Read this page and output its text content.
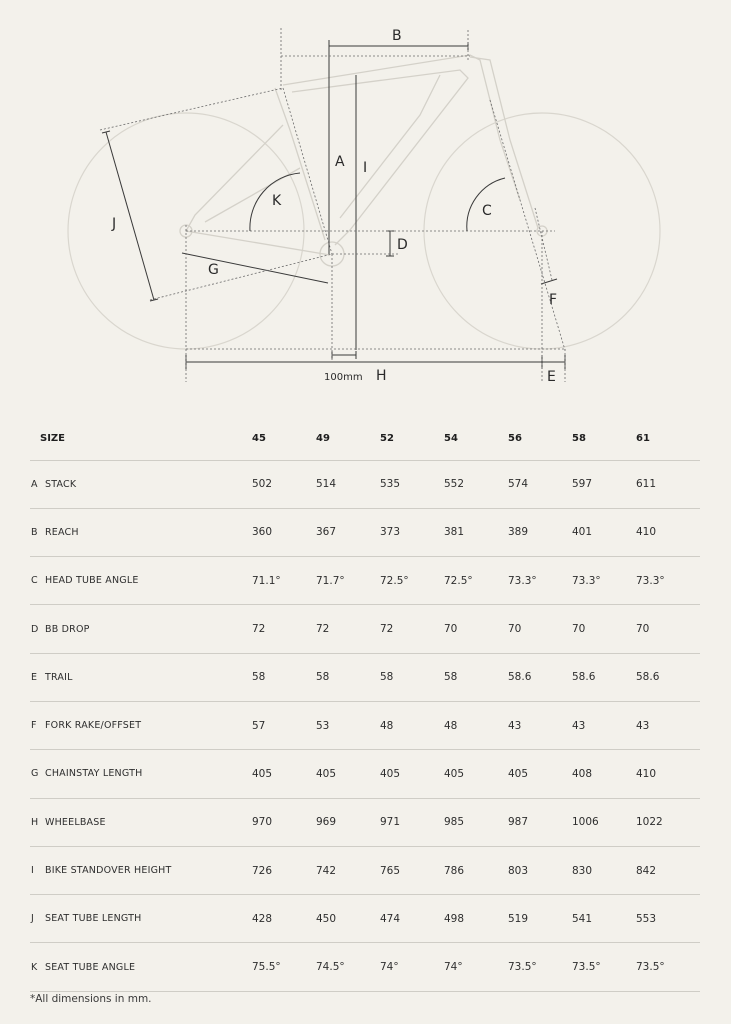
B
A I
K
C
J
D
G
F
H	E
100mm
SIZE	45	49	52	54	56	58	61
A STACK	502	514	535	552	574	597	611
B REACH	360	367	373	381	389	401	410
C HEAD TUBE ANGLE	71.1°	71.7°	72.5°	72.5°	73.3°	73.3°	73.3°
D BB DROP	72	72	72	70	70	70	70
E TRAIL	58	58	58	58	58.6	58.6	58.6
F FORK RAKE/OFFSET	57	53	48	48	43	43	43
G CHAINSTAY LENGTH	405	405	405	405	405	408	410
H WHEELBASE	970	969	971	985	987	1006	1022
I BIKE STANDOVER HEIGHT	726	742	765	786	803	830	842
J SEAT TUBE LENGTH	428	450	474	498	519	541	553
K SEAT TUBE ANGLE	75.5°	74.5°	74°	74°	73.5°	73.5°	73.5°
*All dimensions in mm.
